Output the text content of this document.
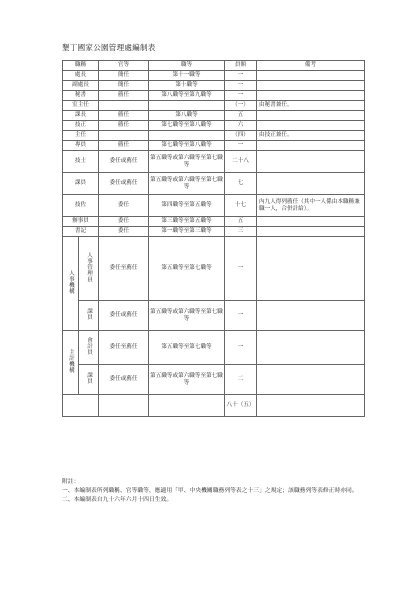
墾丁國家公園管理處編制表
職稱		官等	職等	員額	備考
處長		簡任	第十一職等	一	
副處長		簡任	第十職等	一	
秘書		薦任	第八職等至第九職等	一	
室主任				（一）	由秘書兼任。
課長		薦任	第八職等	五	
技正		薦任	第七職等至第八職等	六	
主任				（四）	由技正兼任。
專員		薦任	第七職等至第八職等	一	
技士		委任或薦任	第五職等或第六職等至第七職等	二十八	
課員		委任或薦任	第五職等或第六職等至第七職等	七	
技佐		委任	第四職等至第五職等	十七	內九人得列薦任（其中一人係由本職稱兼職一人，合併計給）。
辦事員		委任	第三職等至第五職等	五	
書記		委任	第一職等至第三職等	三	
人事機構	人事管理員	委任至薦任	第五職等至第七職等	一	
	課員	委任或薦任	第五職等或第六職等至第七職等	一	
主計機構	會計員	委任至薦任	第五職等至第七職等	一	
	課員	委任或薦任	第五職等或第六職等至第七職等	二	
				八十（五）	
附註：
一、本編制表所列職稱、官等職等，應適用「甲、中央機關職務列等表之十三」之規定；該職務列等表修正時亦同。
二、本編制表自九十六年六月十四日生效。
